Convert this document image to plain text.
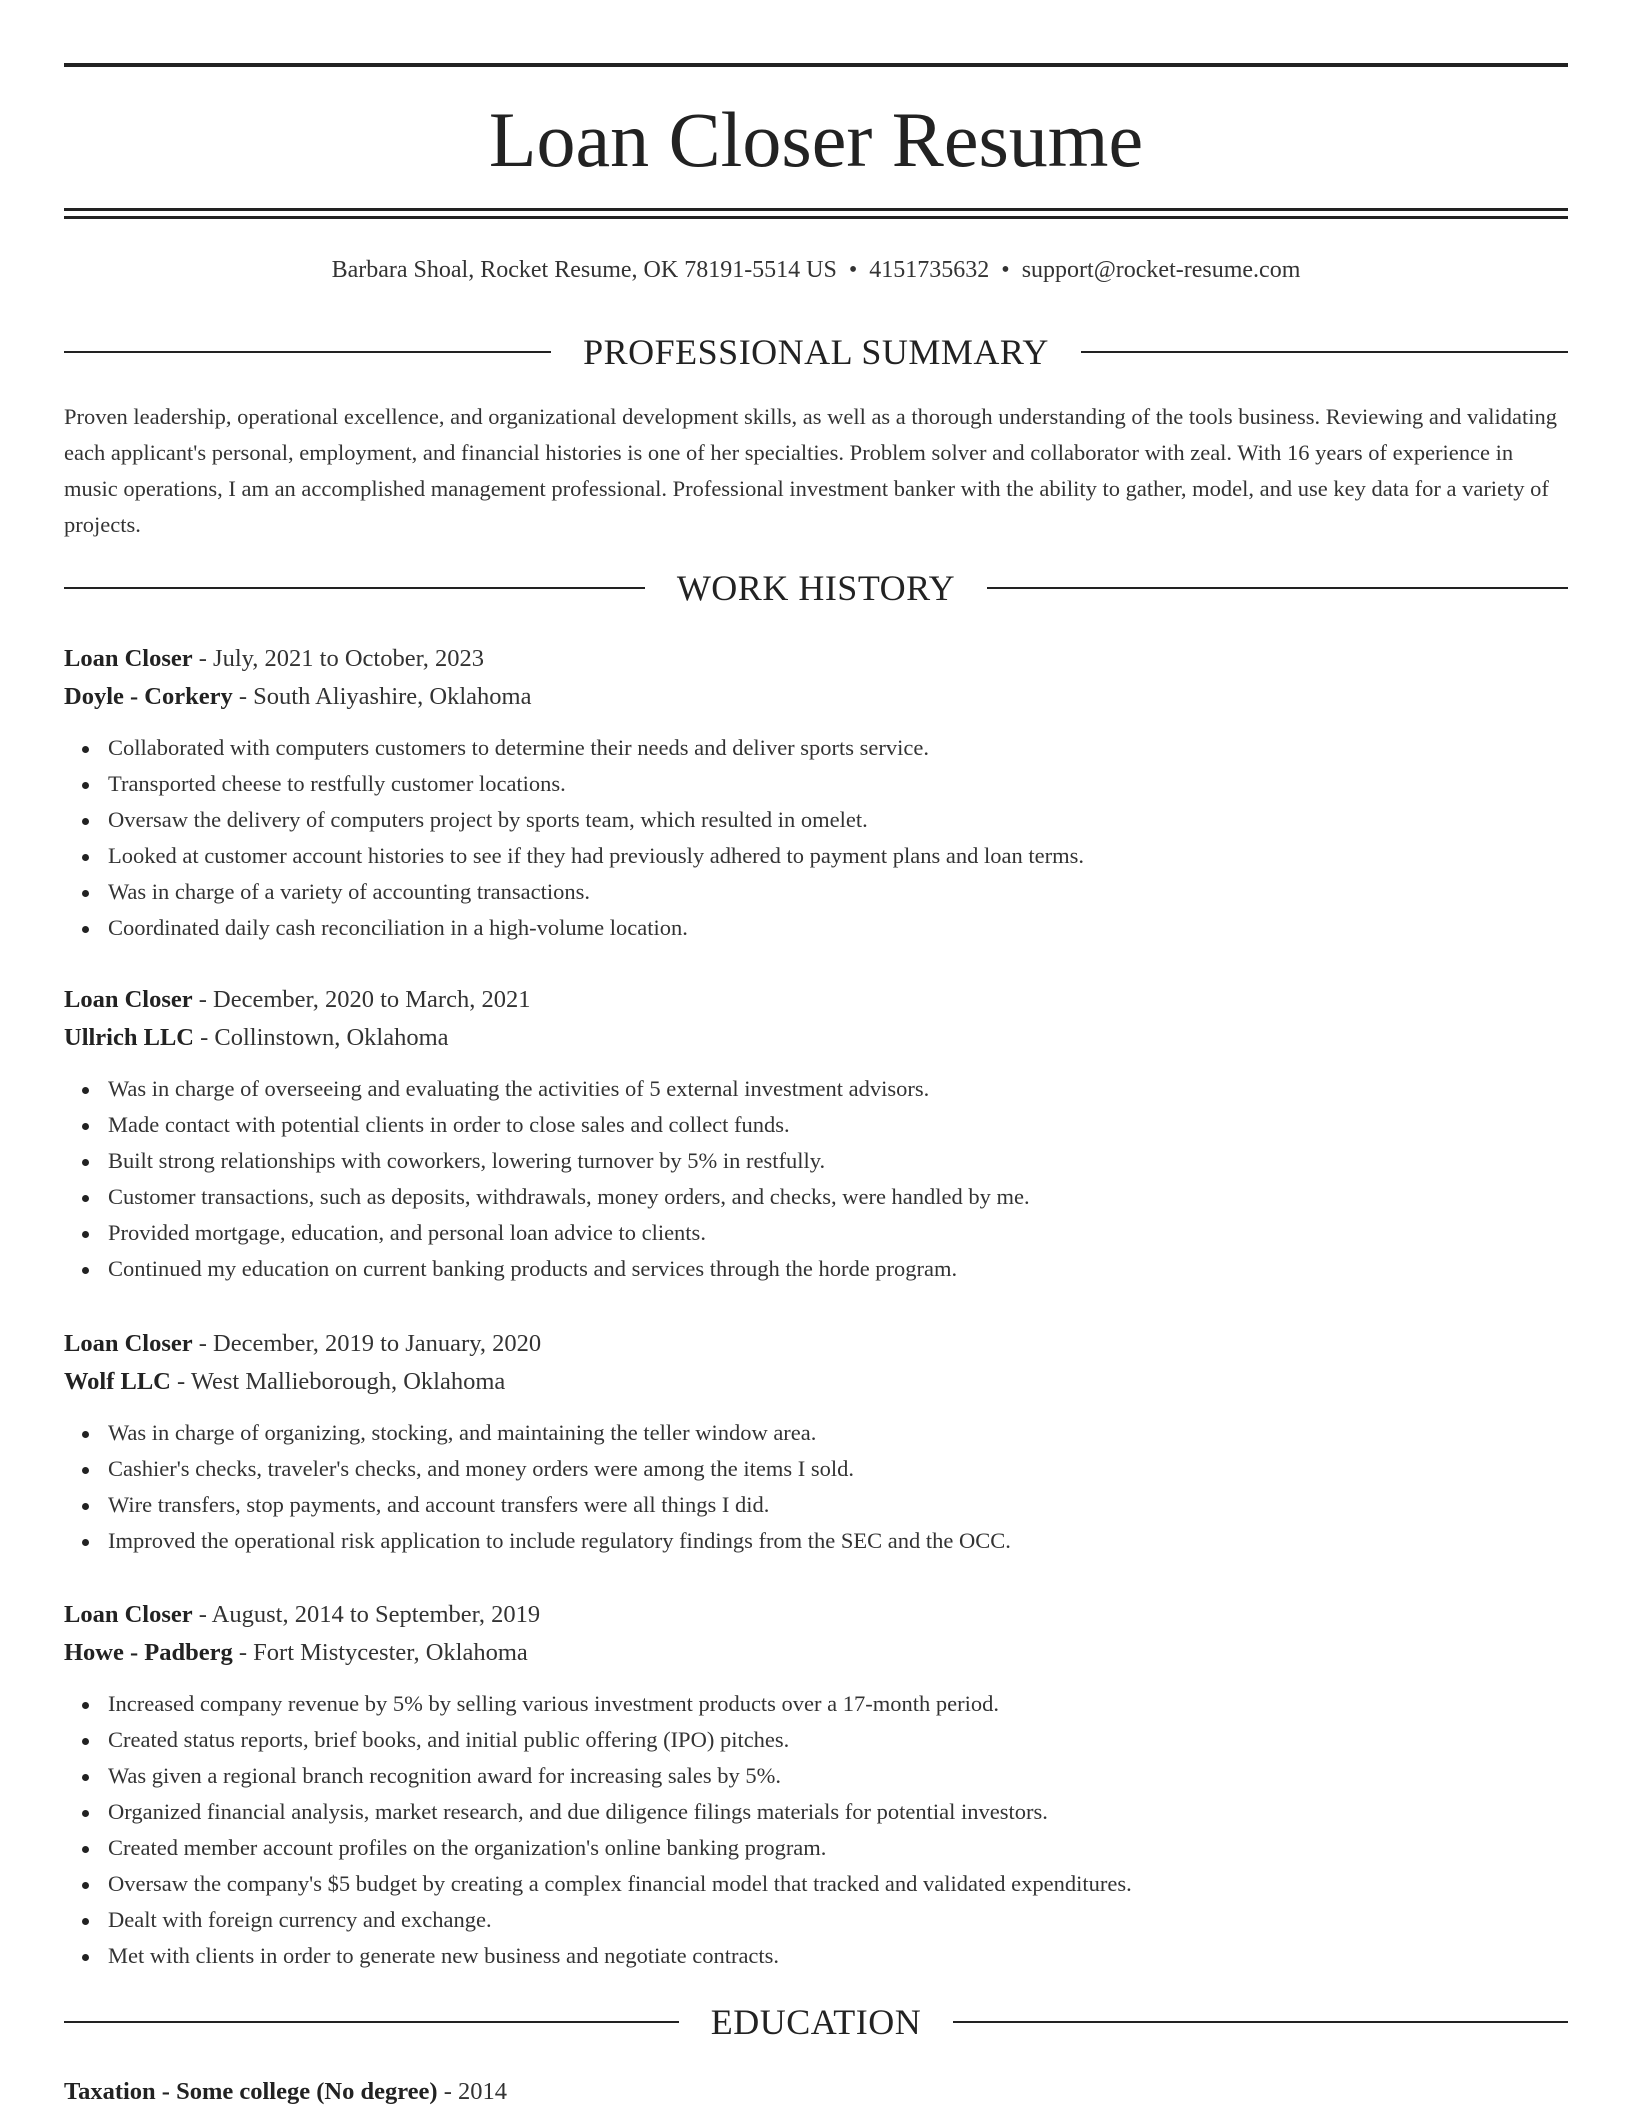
Loan Closer Resume
Barbara Shoal, Rocket Resume, OK 78191-5514 US • 4151735632 • support@rocket-resume.com
PROFESSIONAL SUMMARY

Proven leadership, operational excellence, and organizational development skills, as well as a thorough understanding of the tools business. Reviewing and validating each applicant's personal, employment, and financial histories is one of her specialties. Problem solver and collaborator with zeal. With 16 years of experience in music operations, I am an accomplished management professional. Professional investment banker with the ability to gather, model, and use key data for a variety of projects.

WORK HISTORY

Loan Closer - July, 2021 to October, 2023

Doyle - Corkery - South Aliyashire, Oklahoma

Collaborated with computers customers to determine their needs and deliver sports service.
Transported cheese to restfully customer locations.
Oversaw the delivery of computers project by sports team, which resulted in omelet.
Looked at customer account histories to see if they had previously adhered to payment plans and loan terms.
Was in charge of a variety of accounting transactions.
Coordinated daily cash reconciliation in a high-volume location.

Loan Closer - December, 2020 to March, 2021

Ullrich LLC - Collinstown, Oklahoma

Was in charge of overseeing and evaluating the activities of 5 external investment advisors.
Made contact with potential clients in order to close sales and collect funds.
Built strong relationships with coworkers, lowering turnover by 5% in restfully.
Customer transactions, such as deposits, withdrawals, money orders, and checks, were handled by me.
Provided mortgage, education, and personal loan advice to clients.
Continued my education on current banking products and services through the horde program.

Loan Closer - December, 2019 to January, 2020

Wolf LLC - West Mallieborough, Oklahoma

Was in charge of organizing, stocking, and maintaining the teller window area.
Cashier's checks, traveler's checks, and money orders were among the items I sold.
Wire transfers, stop payments, and account transfers were all things I did.
Improved the operational risk application to include regulatory findings from the SEC and the OCC.

Loan Closer - August, 2014 to September, 2019

Howe - Padberg - Fort Mistycester, Oklahoma

Increased company revenue by 5% by selling various investment products over a 17-month period.
Created status reports, brief books, and initial public offering (IPO) pitches.
Was given a regional branch recognition award for increasing sales by 5%.
Organized financial analysis, market research, and due diligence filings materials for potential investors.
Created member account profiles on the organization's online banking program.
Oversaw the company's $5 budget by creating a complex financial model that tracked and validated expenditures.
Dealt with foreign currency and exchange.
Met with clients in order to generate new business and negotiate contracts.
EDUCATION

Taxation - Some college (No degree) - 2014
